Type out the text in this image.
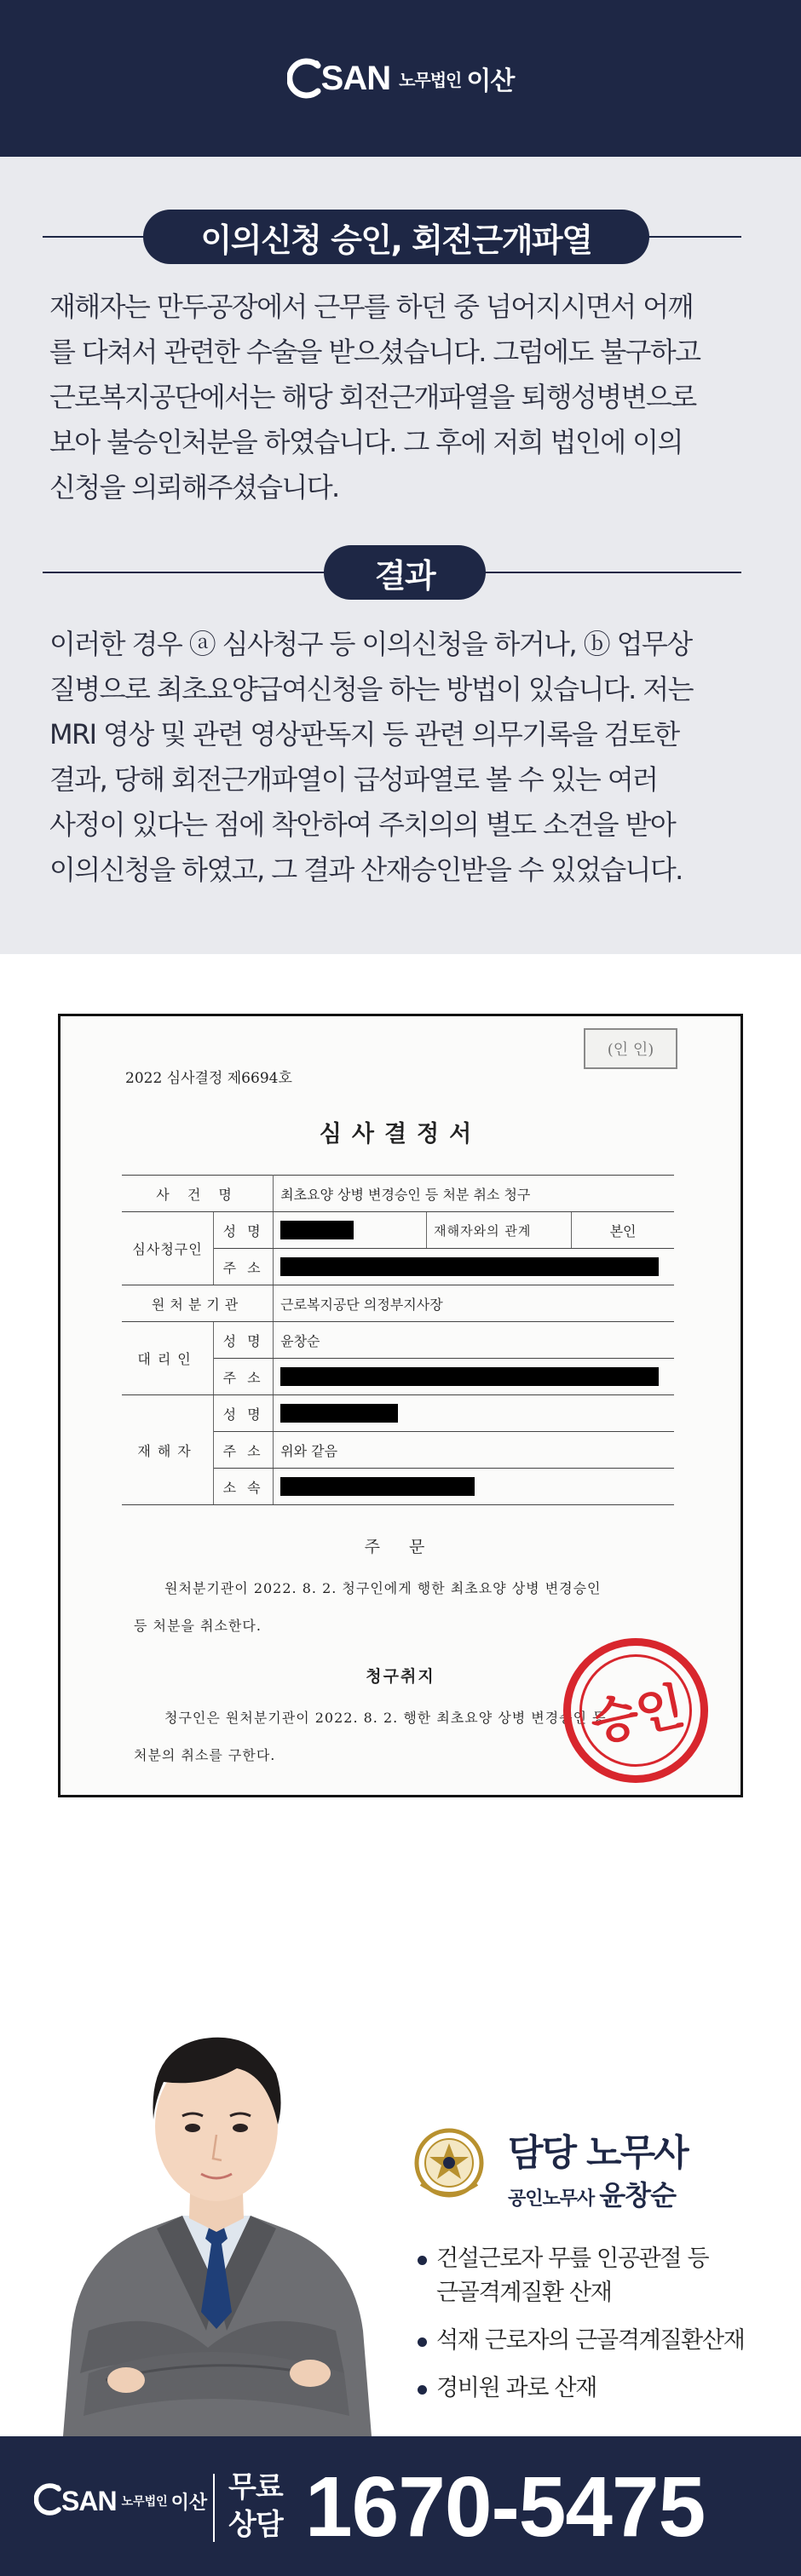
SAN 노무법인 이산
이의신청 승인, 회전근개파열
재해자는 만두공장에서 근무를 하던 중 넘어지시면서 어깨
를 다쳐서 관련한 수술을 받으셨습니다. 그럼에도 불구하고
근로복지공단에서는 해당 회전근개파열을 퇴행성병변으로
보아 불승인처분을 하였습니다. 그 후에 저희 법인에 이의
신청을 의뢰해주셨습니다.
결과
이러한 경우 ⓐ 심사청구 등 이의신청을 하거나, ⓑ 업무상
질병으로 최초요양급여신청을 하는 방법이 있습니다. 저는
MRI 영상 및 관련 영상판독지 등 관련 의무기록을 검토한
결과, 당해 회전근개파열이 급성파열로 볼 수 있는 여러
사정이 있다는 점에 착안하여 주치의의 별도 소견을 받아
이의신청을 하였고, 그 결과 산재승인받을 수 있었습니다.
2022 심사결정 제6694호
(인 인)
심사결정서
사 건 명		최초요양 상병 변경승인 등 처분 취소 청구		
심사청구인	성 명		재해자와의 관계	본인
	주 소			
원처분기관		근로복지공단 의정부지사장		
대리인	성 명	윤창순		
	주 소			
재해자	성 명			
	주 소	위와 같음		
	소 속			
주 문
원처분기관이 2022. 8. 2. 청구인에게 행한 최초요양 상병 변경승인
등 처분을 취소한다.
청구취지
청구인은 원처분기관이 2022. 8. 2. 행한 최초요양 상병 변경승인 등
처분의 취소를 구한다.
승인
담당 노무사
공인노무사 윤창순
건설근로자 무릎 인공관절 등
근골격계질환 산재
석재 근로자의 근골격계질환산재
경비원 과로 산재
SAN 노무법인 이산 무료
상담 1670-5475
